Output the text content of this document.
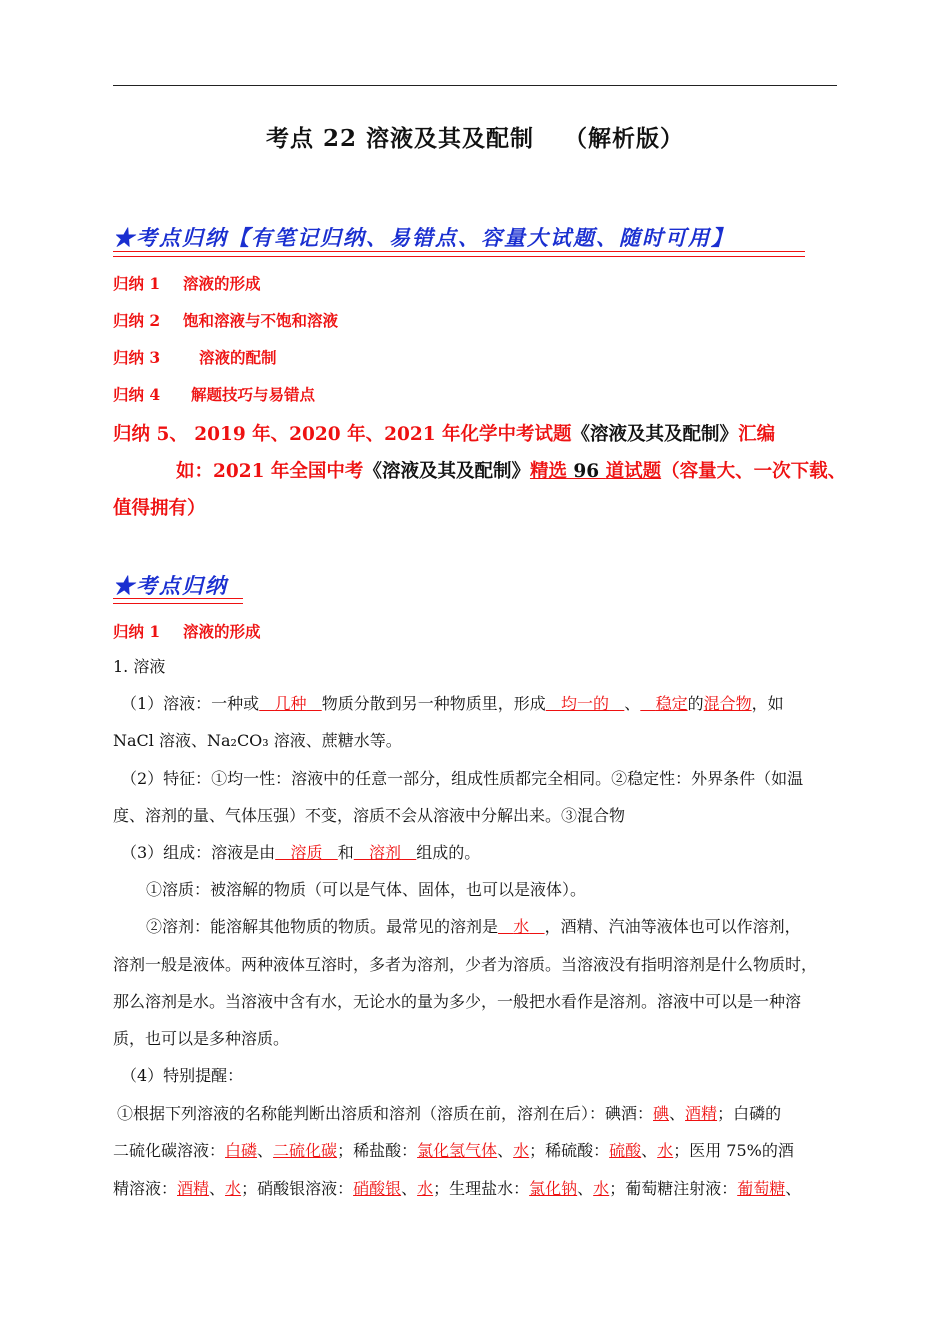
考点 22 溶液及其及配制 （解析版）
★考点归纳【有笔记归纳、易错点、容量大试题、随时可用】
归纳 1 溶液的形成
归纳 2 饱和溶液与不饱和溶液
归纳 3	溶液的配制
归纳 4 解题技巧与易错点
归纳 5、 2019 年、2020 年、2021 年化学中考试题《溶液及其及配制》汇编
如：2021 年全国中考《溶液及其及配制》精选 96 道试题（容量大、一次下载、
值得拥有）
★考点归纳
归纳 1 溶液的形成
1. 溶液
（1）溶液：一种或 几种 物质分散到另一种物质里，形成 均一的 、 稳定的混合物，如
NaCl 溶液、Na₂CO₃ 溶液、蔗糖水等。
（2）特征：①均一性：溶液中的任意一部分，组成性质都完全相同。②稳定性：外界条件（如温
度、溶剂的量、气体压强）不变，溶质不会从溶液中分解出来。③混合物
（3）组成：溶液是由 溶质 和 溶剂 组成的。
①溶质：被溶解的物质（可以是气体、固体，也可以是液体）。
②溶剂：能溶解其他物质的物质。最常见的溶剂是 水 ，酒精、汽油等液体也可以作溶剂，
溶剂一般是液体。两种液体互溶时，多者为溶剂，少者为溶质。当溶液没有指明溶剂是什么物质时，
那么溶剂是水。当溶液中含有水，无论水的量为多少，一般把水看作是溶剂。溶液中可以是一种溶
质，也可以是多种溶质。
（4）特别提醒：
①根据下列溶液的名称能判断出溶质和溶剂（溶质在前，溶剂在后）：碘酒：碘、酒精；白磷的
二硫化碳溶液：白磷、二硫化碳；稀盐酸：氯化氢气体、水；稀硫酸：硫酸、水；医用 75%的酒
精溶液：酒精、水；硝酸银溶液：硝酸银、水；生理盐水：氯化钠、水；葡萄糖注射液：葡萄糖、
